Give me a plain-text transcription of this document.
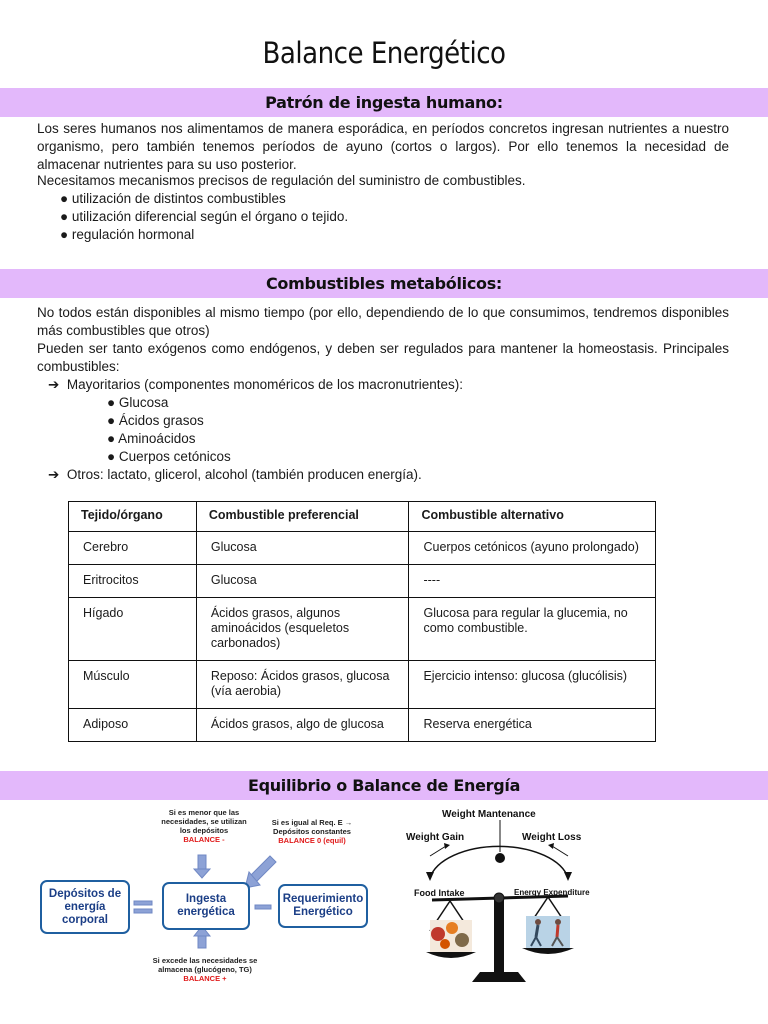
Balance Energético
Patrón de ingesta humano:

Los seres humanos nos alimentamos de manera esporádica, en períodos concretos ingresan nutrientes a nuestro organismo, pero también tenemos períodos de ayuno (cortos o largos). Por ello tenemos la necesidad de almacenar nutrientes para su uso posterior.

Necesitamos mecanismos precisos de regulación del suministro de combustibles.

● utilización de distintos combustibles
● utilización diferencial según el órgano o tejido.
● regulación hormonal
Combustibles metabólicos:

No todos están disponibles al mismo tiempo (por ello, dependiendo de lo que consumimos, tendremos disponibles más combustibles que otros)

Pueden ser tanto exógenos como endógenos, y deben ser regulados para mantener la homeostasis. Principales combustibles:

➔  Mayoritarios (componentes monoméricos de los macronutrientes):
● Glucosa
● Ácidos grasos
● Aminoácidos
● Cuerpos cetónicos
➔  Otros: lactato, glicerol, alcohol (también producen energía).
Tejido/órgano	Combustible preferencial	Combustible alternativo
Cerebro	Glucosa	Cuerpos cetónicos (ayuno prolongado)
Eritrocitos	Glucosa	----
Hígado	Ácidos grasos, algunos aminoácidos (esqueletos carbonados)	Glucosa para regular la glucemia, no como combustible.
Músculo	Reposo: Ácidos grasos, glucosa (vía aerobia)	Ejercicio intenso: glucosa (glucólisis)
Adiposo	Ácidos grasos, algo de glucosa	Reserva energética
Equilibrio o Balance de Energía
Depósitos de energía corporal
Ingesta energética
Requerimiento Energético
Si es menor que las necesidades, se utilizan los depósitos
BALANCE -
Si es igual al Req. E → Depósitos constantes
BALANCE 0 (equil)
Si excede las necesidades se almacena (glucógeno, TG)
BALANCE +
Weight Mantenance
Weight Gain	Weight Loss
Food Intake	Energy Expenditure
